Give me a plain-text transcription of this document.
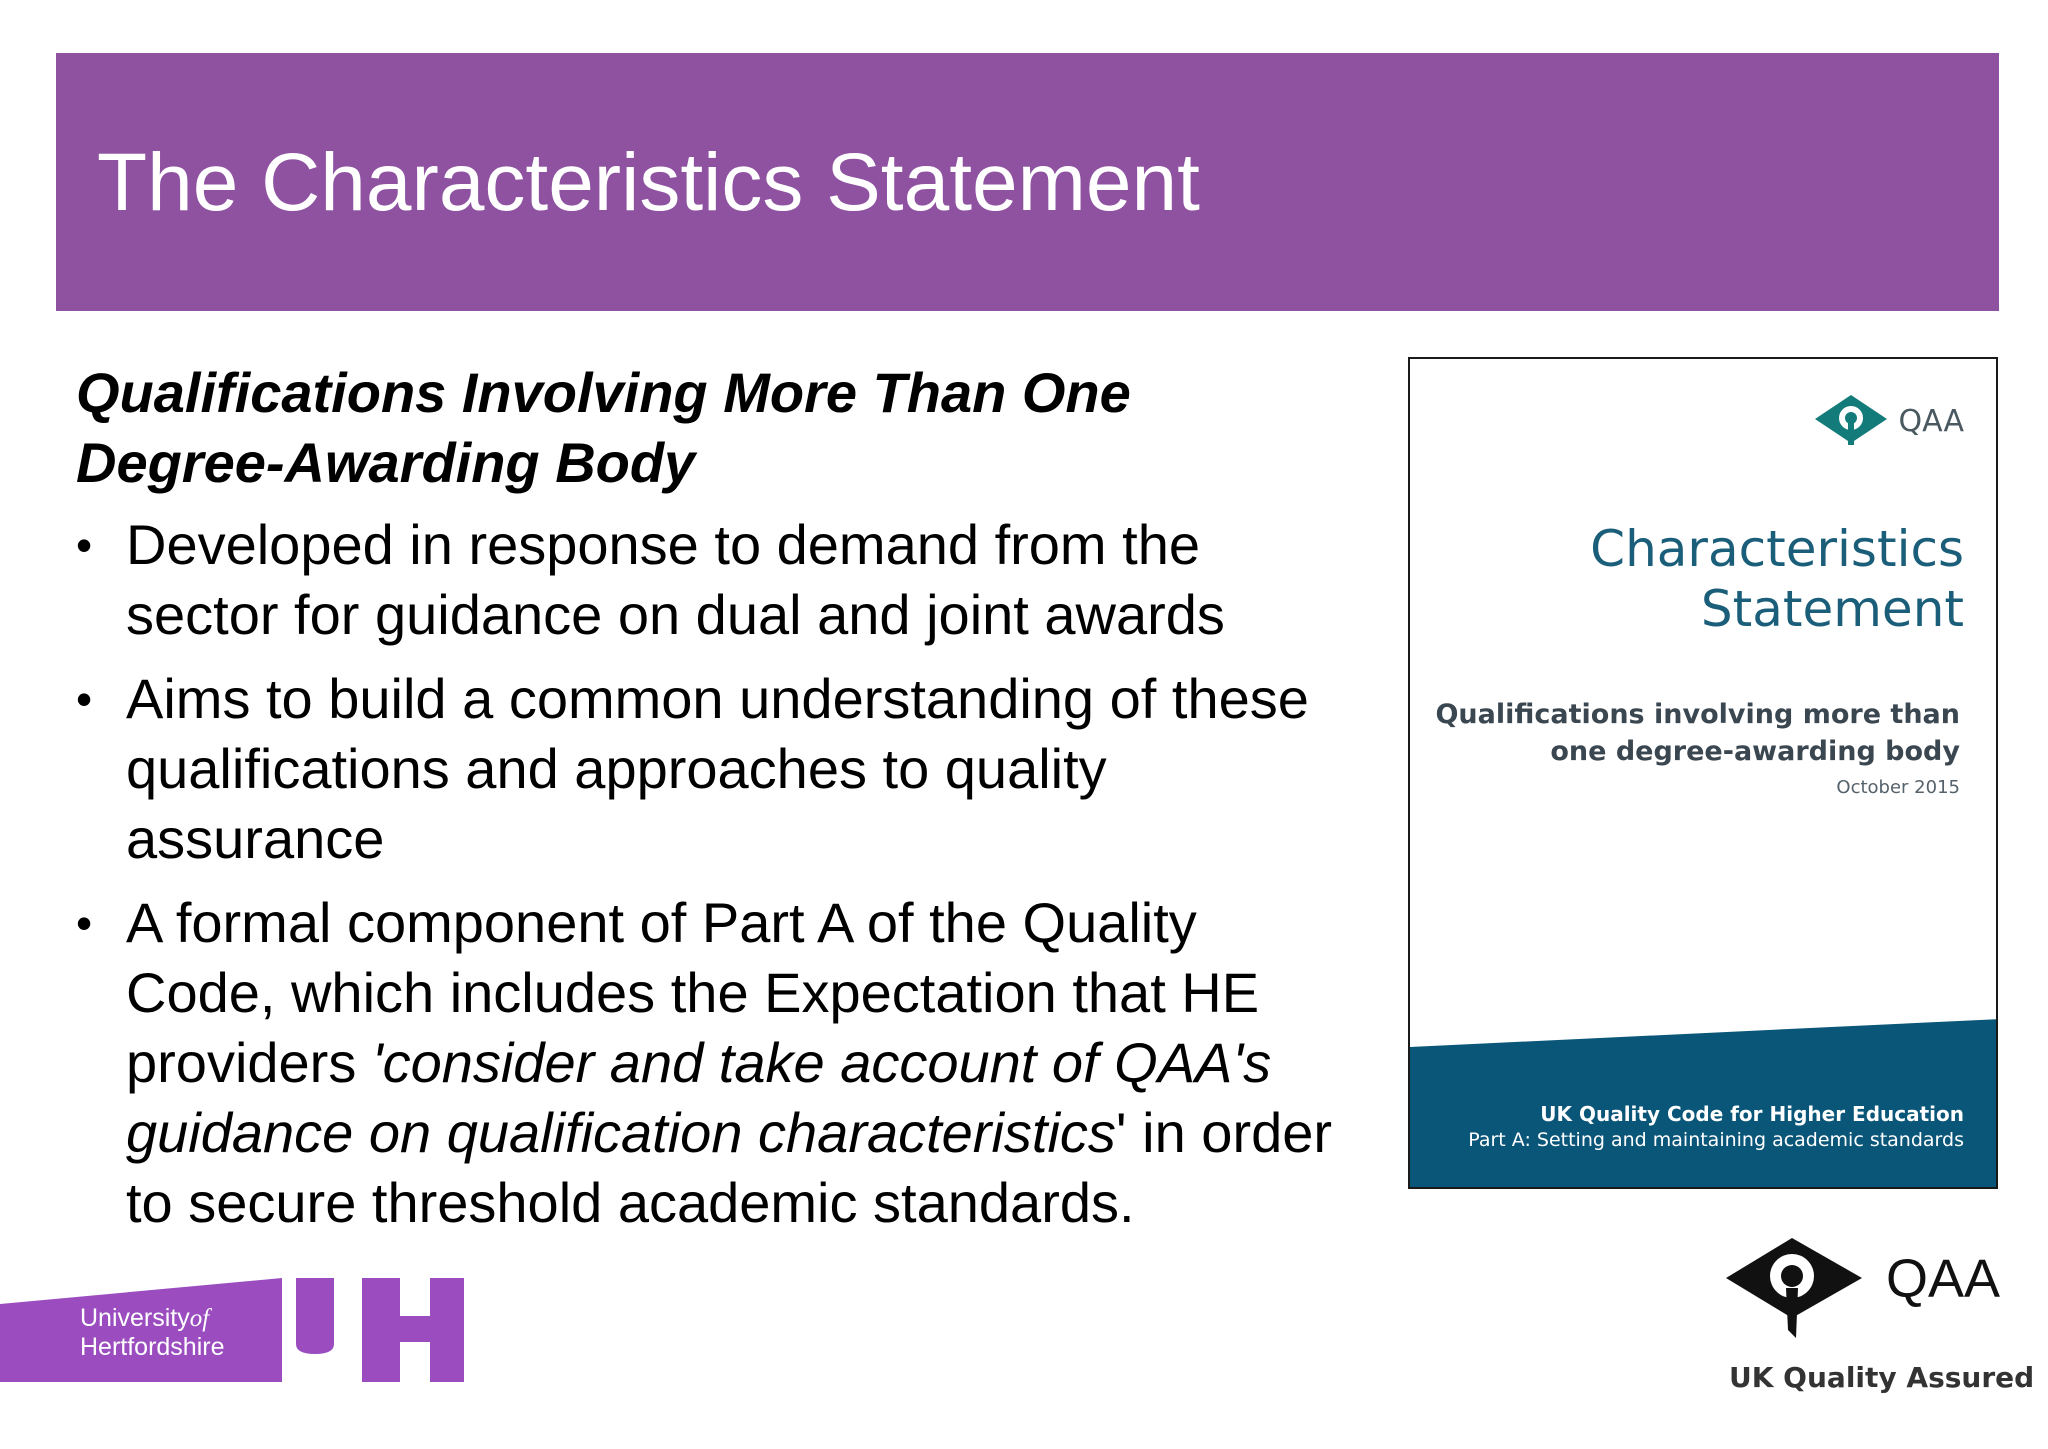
The Characteristics Statement
Qualifications Involving More Than One
Degree-Awarding Body
• Developed in response to demand from the
sector for guidance on dual and joint awards
• Aims to build a common understanding of these
qualifications and approaches to quality
assurance
• A formal component of Part A of the Quality
Code, which includes the Expectation that HE
providers 'consider and take account of QAA's
guidance on qualification characteristics' in order
to secure threshold academic standards.
QAA
Characteristics
Statement
Qualifications involving more than
one degree-awarding body
October 2015
UK Quality Code for Higher Education
Part A: Setting and maintaining academic standards
Universityof
Hertfordshire
QAA
UK Quality Assured
